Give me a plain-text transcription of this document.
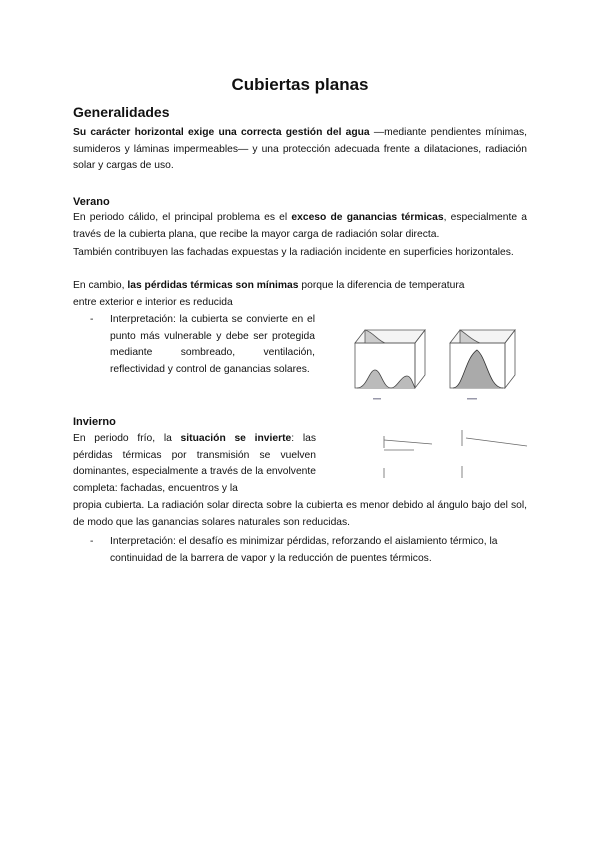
Cubiertas planas
Generalidades
Su carácter horizontal exige una correcta gestión del agua —mediante pendientes mínimas, sumideros y láminas impermeables— y una protección adecuada frente a dilataciones, radiación solar y cargas de uso.
Verano
En periodo cálido, el principal problema es el exceso de ganancias térmicas, especialmente a través de la cubierta plana, que recibe la mayor carga de radiación solar directa.
También contribuyen las fachadas expuestas y la radiación incidente en superficies horizontales.
En cambio, las pérdidas térmicas son mínimas porque la diferencia de temperatura entre exterior e interior es reducida
- Interpretación: la cubierta se convierte en el punto más vulnerable y debe ser protegida mediante sombreado, ventilación, reflectividad y control de ganancias solares.
Invierno
En periodo frío, la situación se invierte: las pérdidas térmicas por transmisión se vuelven dominantes, especialmente a través de la envolvente completa: fachadas, encuentros y la
propia cubierta. La radiación solar directa sobre la cubierta es menor debido al ángulo bajo del sol, de modo que las ganancias solares naturales son reducidas.
- Interpretación: el desafío es minimizar pérdidas, reforzando el aislamiento térmico, la continuidad de la barrera de vapor y la reducción de puentes térmicos.
